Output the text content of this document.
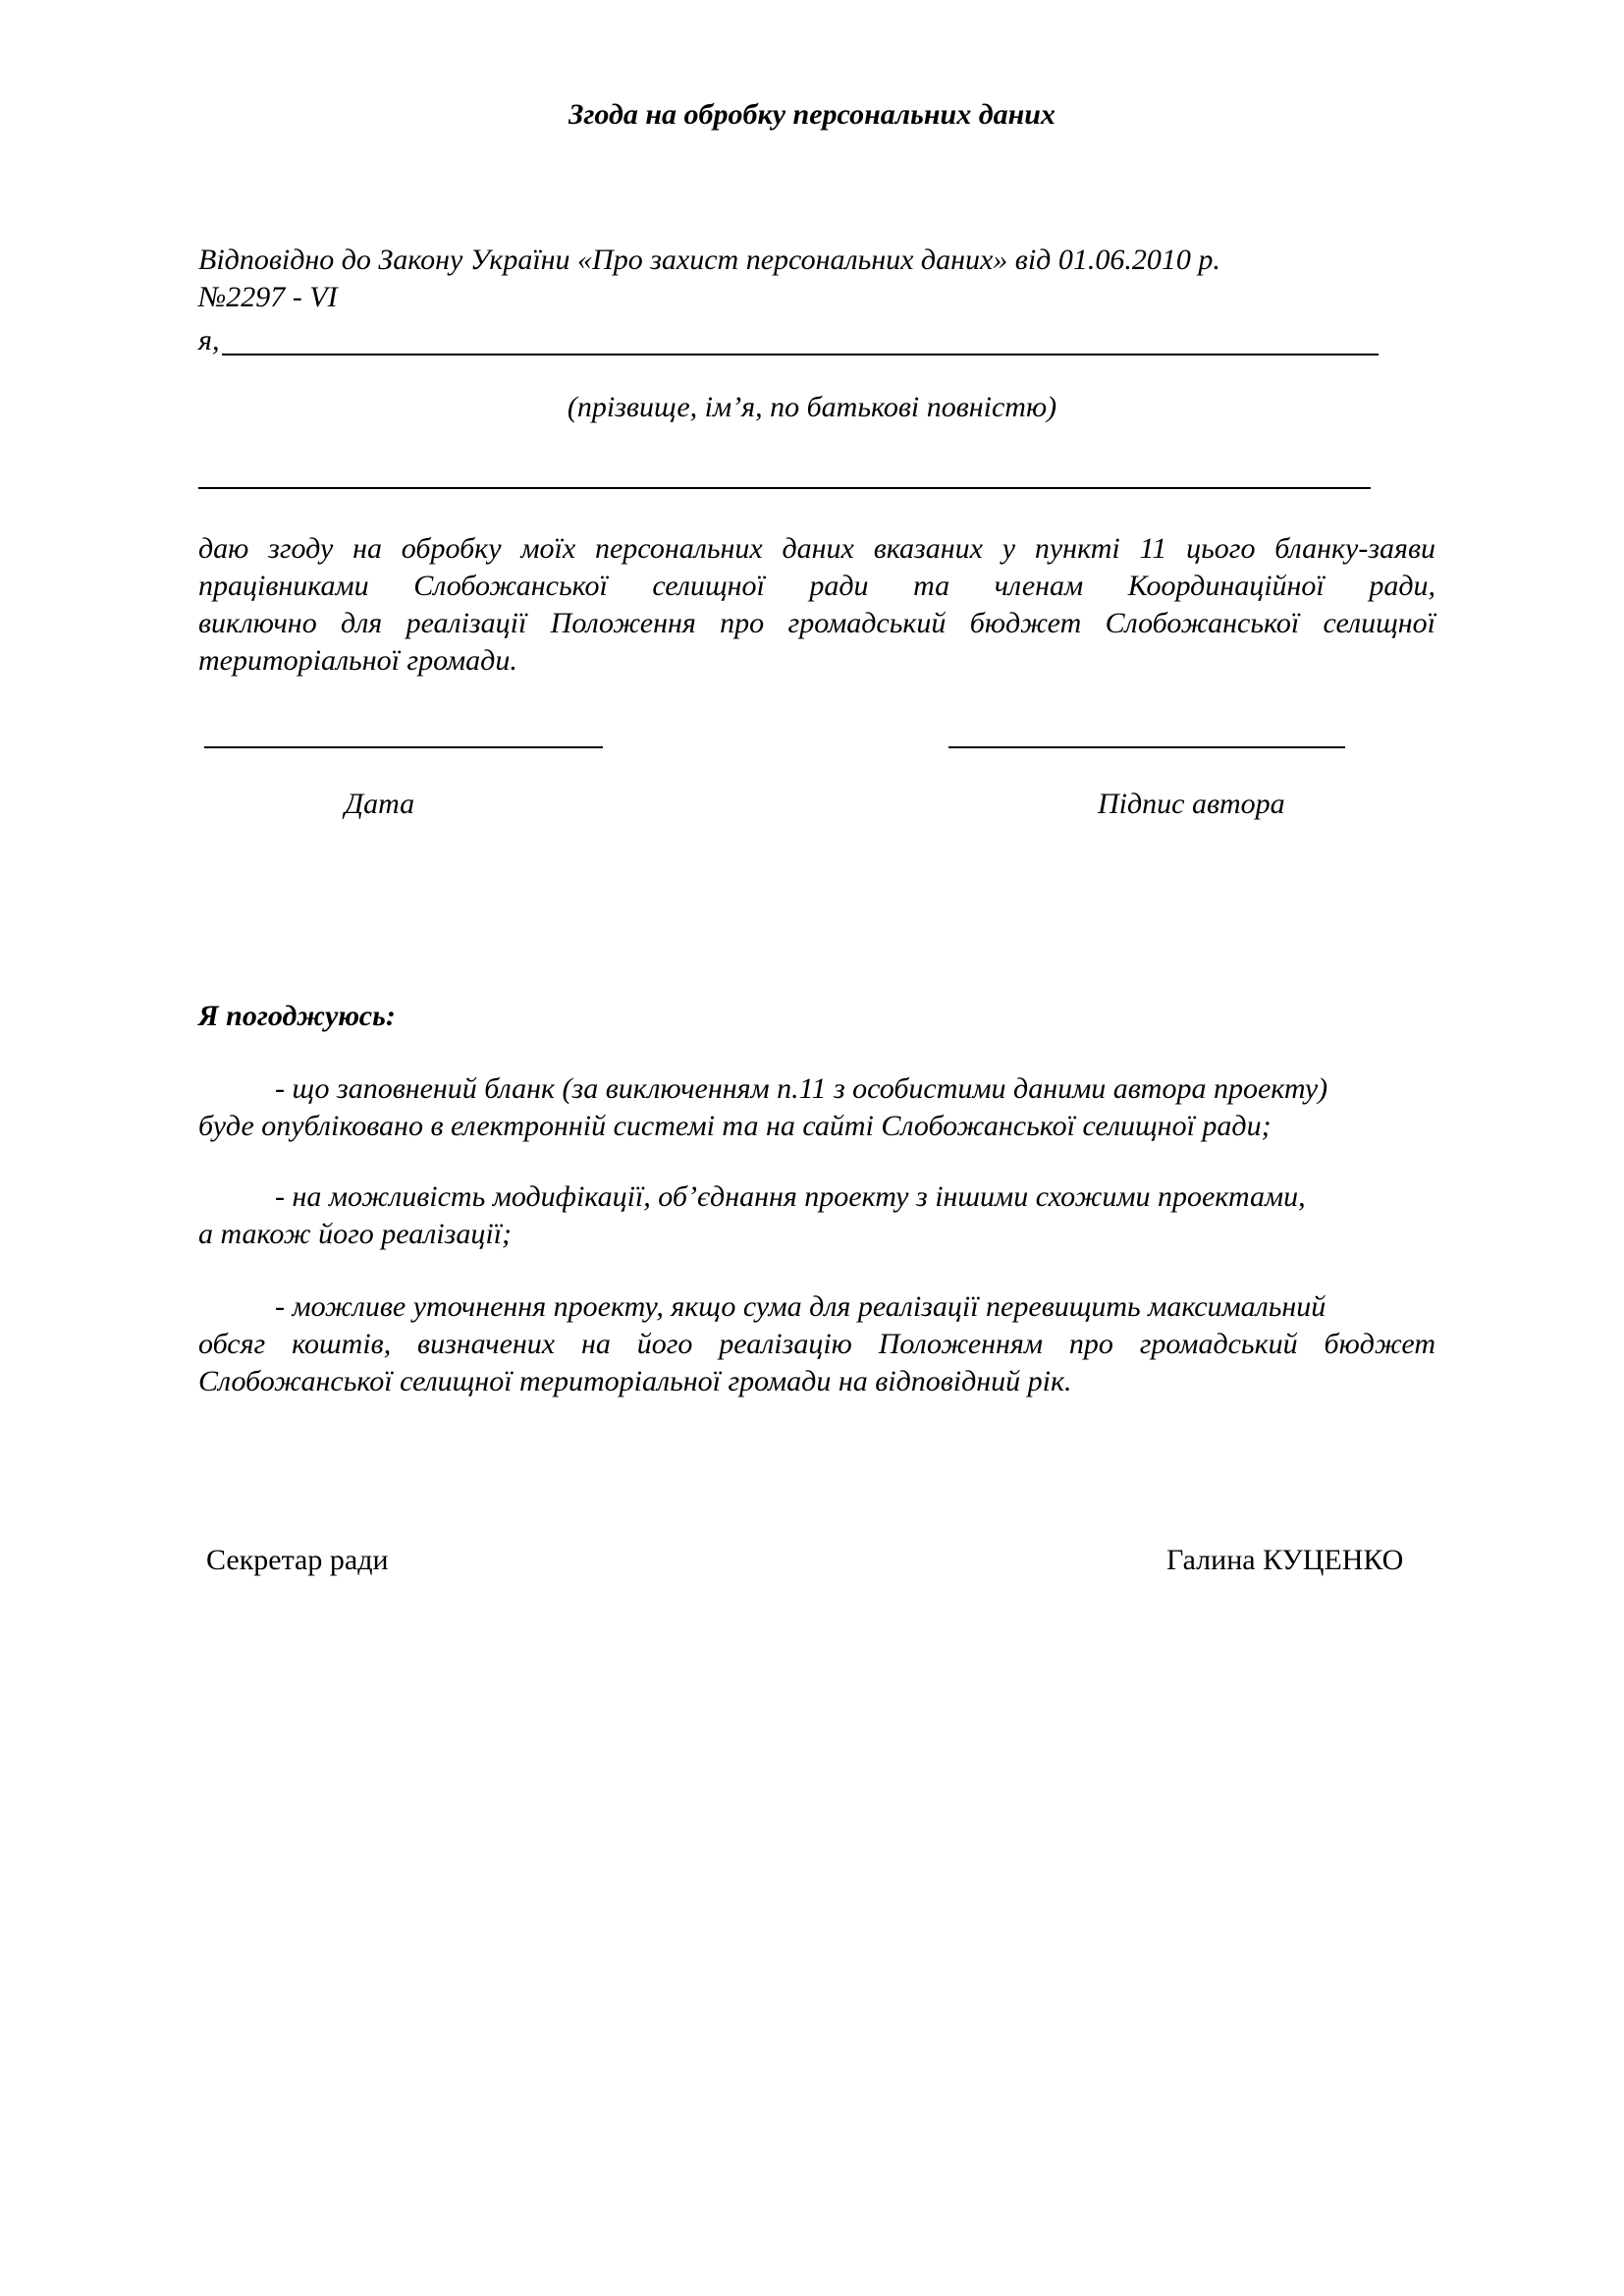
Згода на обробку персональних даних
Відповідно до Закону України «Про захист персональних даних» від 01.06.2010 р.
№2297 - VI
я,
(прізвище, ім’я, по батькові повністю)
даю згоду на обробку моїх персональних даних вказаних у пункті 11 цього бланку-заяви
працівниками Слобожанської селищної ради та членам Координаційної ради,
виключно для реалізації Положення про громадський бюджет Слобожанської селищної
територіальної громади.
Дата	Підпис автора
Я погоджуюсь:
- що заповнений бланк (за виключенням п.11 з особистими даними автора проекту)
буде опубліковано в електронній системі та на сайті Слобожанської селищної ради;
- на можливість модифікації, об’єднання проекту з іншими схожими проектами,
а також його реалізації;
- можливе уточнення проекту, якщо сума для реалізації перевищить максимальний
обсяг коштів, визначених на його реалізацію Положенням про громадський бюджет
Слобожанської селищної територіальної громади на відповідний рік.
Секретар ради	Галина КУЦЕНКО
